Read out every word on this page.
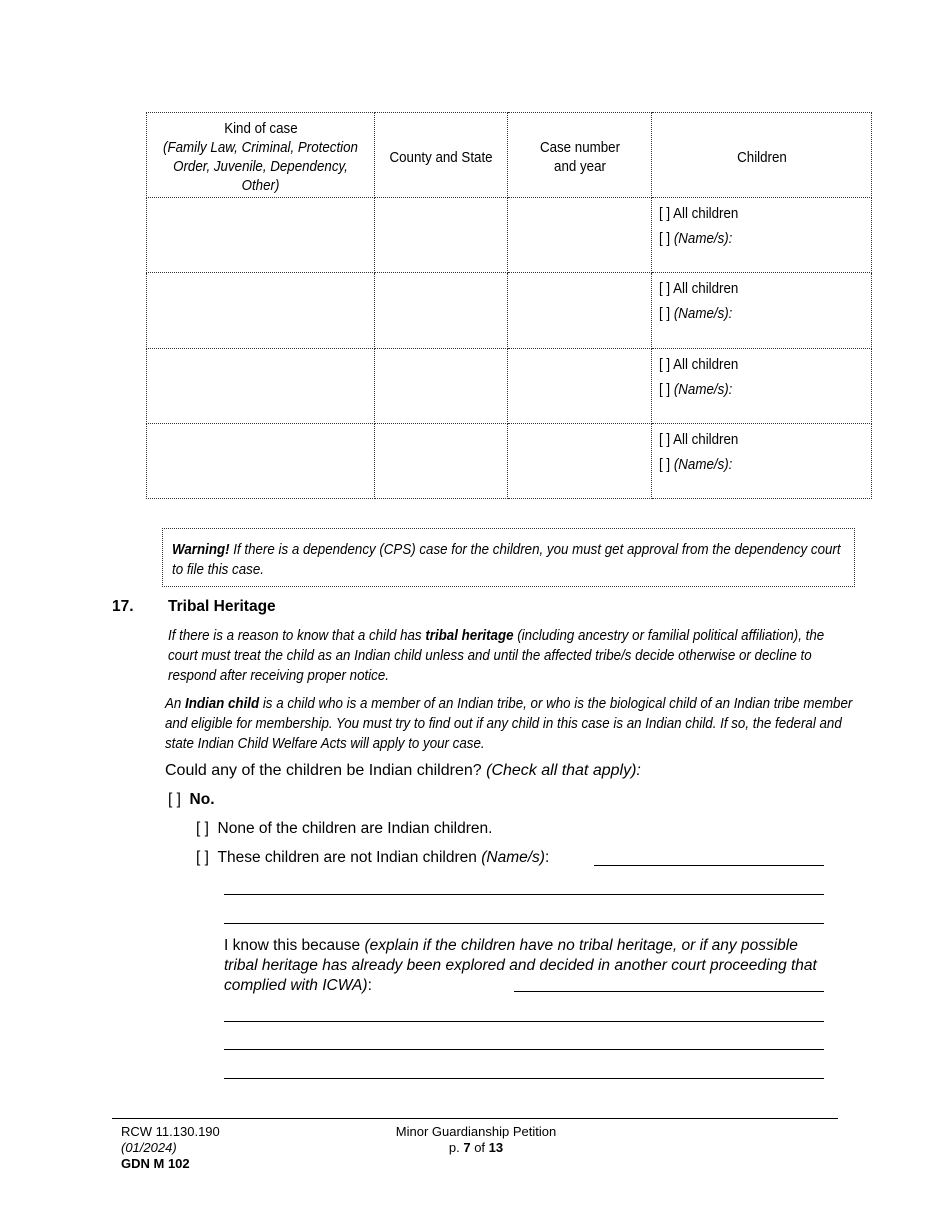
Kind of case
(Family Law, Criminal, Protection Order, Juvenile, Dependency, Other)	County and State	Case number and year	Children

			[ ] All children
[ ] (Name/s):

			[ ] All children
[ ] (Name/s):

			[ ] All children
[ ] (Name/s):

			[ ] All children
[ ] (Name/s):
Warning! If there is a dependency (CPS) case for the children, you must get approval from the dependency court to file this case.
17. Tribal Heritage
If there is a reason to know that a child has tribal heritage (including ancestry or familial political affiliation), the court must treat the child as an Indian child unless and until the affected tribe/s decide otherwise or decline to respond after receiving proper notice.
An Indian child is a child who is a member of an Indian tribe, or who is the biological child of an Indian tribe member and eligible for membership. You must try to find out if any child in this case is an Indian child. If so, the federal and state Indian Child Welfare Acts will apply to your case.
Could any of the children be Indian children? (Check all that apply):
[ ] No.
[ ] None of the children are Indian children.
[ ] These children are not Indian children (Name/s):
I know this because (explain if the children have no tribal heritage, or if any possible tribal heritage has already been explored and decided in another court proceeding that complied with ICWA):
RCW 11.130.190
(01/2024)
GDN M 102
Minor Guardianship Petition
p. 7 of 13
